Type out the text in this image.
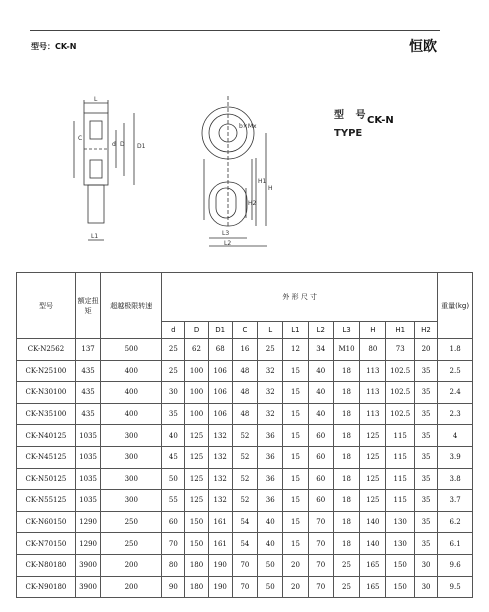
型号：CK-N	恒欧
L
C
d D D1
L1	L3
L2
H
H1
H2
b×Mx
型 号
TYPE
CK-N
型号	额定扭矩	超越极限转速	外 形 尺 寸											重量(kg)
			d	D	D1	C	L	L1	L2	L3	H	H1	H2	
CK-N2562	137	500	25	62	68	16	25	12	34	M10	80	73	20	1.8
CK-N25100	435	400	25	100	106	48	32	15	40	18	113	102.5	35	2.5
CK-N30100	435	400	30	100	106	48	32	15	40	18	113	102.5	35	2.4
CK-N35100	435	400	35	100	106	48	32	15	40	18	113	102.5	35	2.3
CK-N40125	1035	300	40	125	132	52	36	15	60	18	125	115	35	4
CK-N45125	1035	300	45	125	132	52	36	15	60	18	125	115	35	3.9
CK-N50125	1035	300	50	125	132	52	36	15	60	18	125	115	35	3.8
CK-N55125	1035	300	55	125	132	52	36	15	60	18	125	115	35	3.7
CK-N60150	1290	250	60	150	161	54	40	15	70	18	140	130	35	6.2
CK-N70150	1290	250	70	150	161	54	40	15	70	18	140	130	35	6.1
CK-N80180	3900	200	80	180	190	70	50	20	70	25	165	150	30	9.6
CK-N90180	3900	200	90	180	190	70	50	20	70	25	165	150	30	9.5
